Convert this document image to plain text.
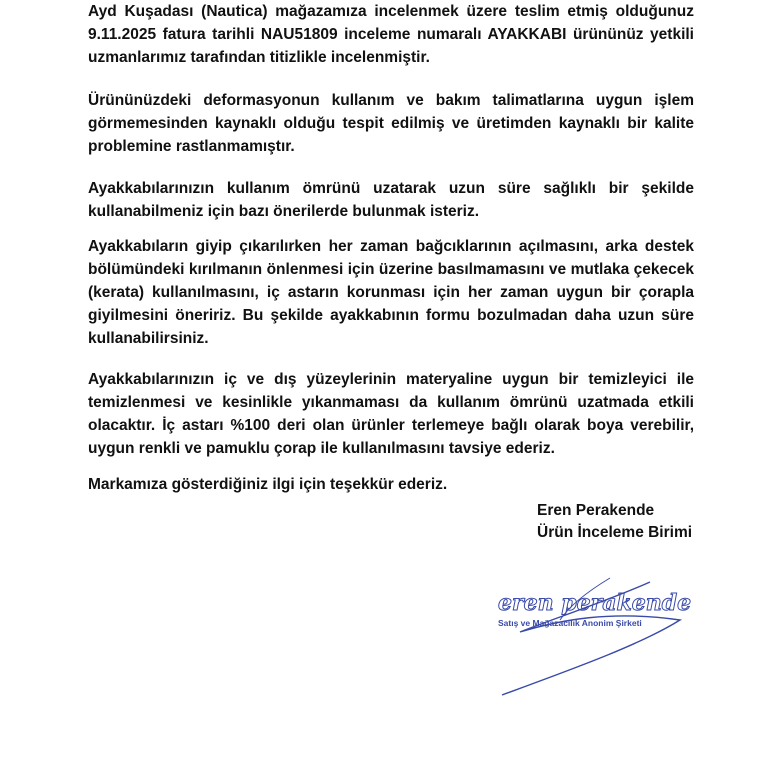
Ayd Kuşadası (Nautica) mağazamıza incelenmek üzere teslim etmiş olduğunuz
9.11.2025 fatura tarihli NAU51809 inceleme numaralı AYAKKABI ürününüz yetkili
uzmanlarımız tarafından titizlikle incelenmiştir.
Ürününüzdeki deformasyonun kullanım ve bakım talimatlarına uygun işlem
görmemesinden kaynaklı olduğu tespit edilmiş ve üretimden kaynaklı bir kalite
problemine rastlanmamıştır.
Ayakkabılarınızın kullanım ömrünü uzatarak uzun süre sağlıklı bir şekilde
kullanabilmeniz için bazı önerilerde bulunmak isteriz.
Ayakkabıların giyip çıkarılırken her zaman bağcıklarının açılmasını, arka destek
bölümündeki kırılmanın önlenmesi için üzerine basılmamasını ve mutlaka çekecek
(kerata) kullanılmasını, iç astarın korunması için her zaman uygun bir çorapla
giyilmesini öneririz. Bu şekilde ayakkabının formu bozulmadan daha uzun süre
kullanabilirsiniz.
Ayakkabılarınızın iç ve dış yüzeylerinin materyaline uygun bir temizleyici ile
temizlenmesi ve kesinlikle yıkanmaması da kullanım ömrünü uzatmada etkili
olacaktır. İç astarı %100 deri olan ürünler terlemeye bağlı olarak boya verebilir,
uygun renkli ve pamuklu çorap ile kullanılmasını tavsiye ederiz.
Markamıza gösterdiğiniz ilgi için teşekkür ederiz.
Eren Perakende
Ürün İnceleme Birimi
eren perakende
Satış ve Mağazacılık Anonim Şirketi
